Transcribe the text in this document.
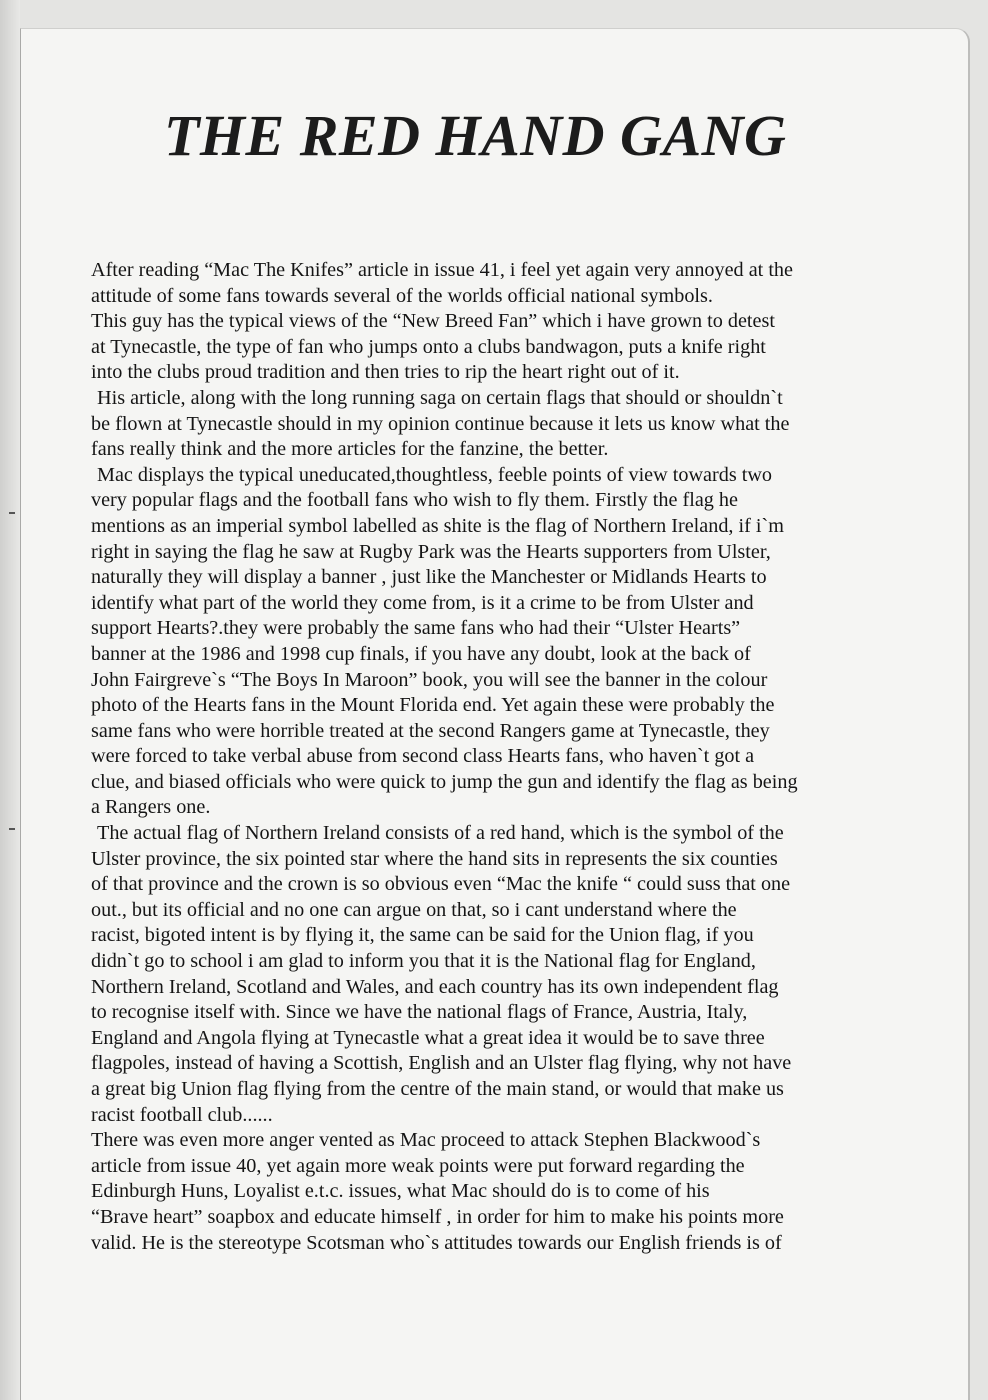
THE RED HAND GANG

After reading “Mac The Knifes” article in issue 41, i feel yet again very annoyed at the
attitude of some fans towards several of the worlds official national symbols.
This guy has the typical views of the “New Breed Fan” which i have grown to detest
at Tynecastle, the type of fan who jumps onto a clubs bandwagon, puts a knife right
into the clubs proud tradition and then tries to rip the heart right out of it.

His article, along with the long running saga on certain flags that should or shouldn`t
be flown at Tynecastle should in my opinion continue because it lets us know what the
fans really think and the more articles for the fanzine, the better.

Mac displays the typical uneducated,thoughtless, feeble points of view towards two
very popular flags and the football fans who wish to fly them. Firstly the flag he
mentions as an imperial symbol labelled as shite is the flag of Northern Ireland, if i`m
right in saying the flag he saw at Rugby Park was the Hearts supporters from Ulster,
naturally they will display a banner , just like the Manchester or Midlands Hearts to
identify what part of the world they come from, is it a crime to be from Ulster and
support Hearts?.they were probably the same fans who had their “Ulster Hearts”
banner at the 1986 and 1998 cup finals, if you have any doubt, look at the back of
John Fairgreve`s “The Boys In Maroon” book, you will see the banner in the colour
photo of the Hearts fans in the Mount Florida end. Yet again these were probably the
same fans who were horrible treated at the second Rangers game at Tynecastle, they
were forced to take verbal abuse from second class Hearts fans, who haven`t got a
clue, and biased officials who were quick to jump the gun and identify the flag as being
a Rangers one.

The actual flag of Northern Ireland consists of a red hand, which is the symbol of the
Ulster province, the six pointed star where the hand sits in represents the six counties
of that province and the crown is so obvious even “Mac the knife “ could suss that one
out., but its official and no one can argue on that, so i cant understand where the
racist, bigoted intent is by flying it, the same can be said for the Union flag, if you
didn`t go to school i am glad to inform you that it is the National flag for England,
Northern Ireland, Scotland and Wales, and each country has its own independent flag
to recognise itself with. Since we have the national flags of France, Austria, Italy,
England and Angola flying at Tynecastle what a great idea it would be to save three
flagpoles, instead of having a Scottish, English and an Ulster flag flying, why not have
a great big Union flag flying from the centre of the main stand, or would that make us
racist football club......

There was even more anger vented as Mac proceed to attack Stephen Blackwood`s
article from issue 40, yet again more weak points were put forward regarding the
Edinburgh Huns, Loyalist e.t.c. issues, what Mac should do is to come of his
“Brave heart” soapbox and educate himself , in order for him to make his points more
valid. He is the stereotype Scotsman who`s attitudes towards our English friends is of
